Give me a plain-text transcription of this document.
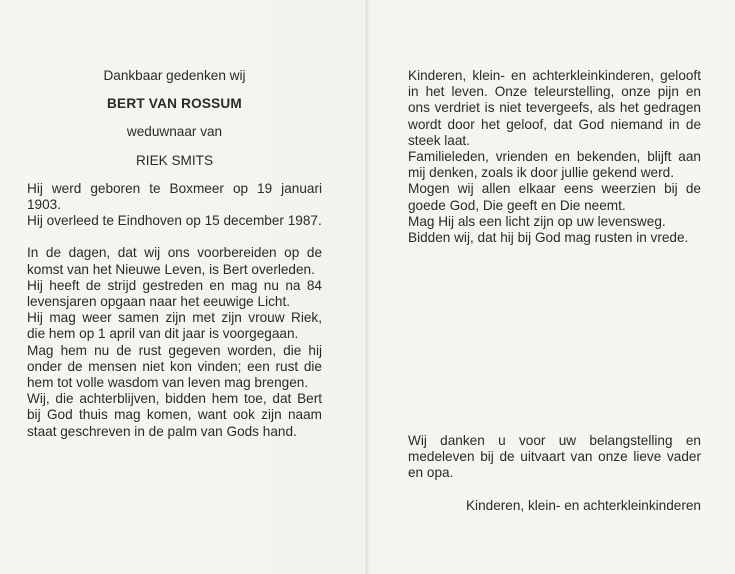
Dankbaar gedenken wij

BERT VAN ROSSUM

weduwnaar van

RIEK SMITS

Hij werd geboren te Boxmeer op 19 januari 1903.

Hij overleed te Eindhoven op 15 december 1987.

In de dagen, dat wij ons voorbereiden op de komst van het Nieuwe Leven, is Bert overleden.

Hij heeft de strijd gestreden en mag nu na 84 levensjaren opgaan naar het eeuwige Licht.

Hij mag weer samen zijn met zijn vrouw Riek, die hem op 1 april van dit jaar is voorgegaan.

Mag hem nu de rust gegeven worden, die hij onder de mensen niet kon vinden; een rust die hem tot volle wasdom van leven mag brengen.

Wij, die achterblijven, bidden hem toe, dat Bert bij God thuis mag komen, want ook zijn naam staat geschreven in de palm van Gods hand.

Kinderen, klein- en achterkleinkinderen, gelooft in het leven. Onze teleurstelling, onze pijn en ons verdriet is niet tevergeefs, als het gedragen wordt door het geloof, dat God niemand in de steek laat.

Familieleden, vrienden en bekenden, blijft aan mij denken, zoals ik door jullie gekend werd.

Mogen wij allen elkaar eens weerzien bij de goede God, Die geeft en Die neemt.

Mag Hij als een licht zijn op uw levensweg.

Bidden wij, dat hij bij God mag rusten in vrede.

Wij danken u voor uw belangstelling en medeleven bij de uitvaart van onze lieve vader en opa.

Kinderen, klein- en achterkleinkinderen
